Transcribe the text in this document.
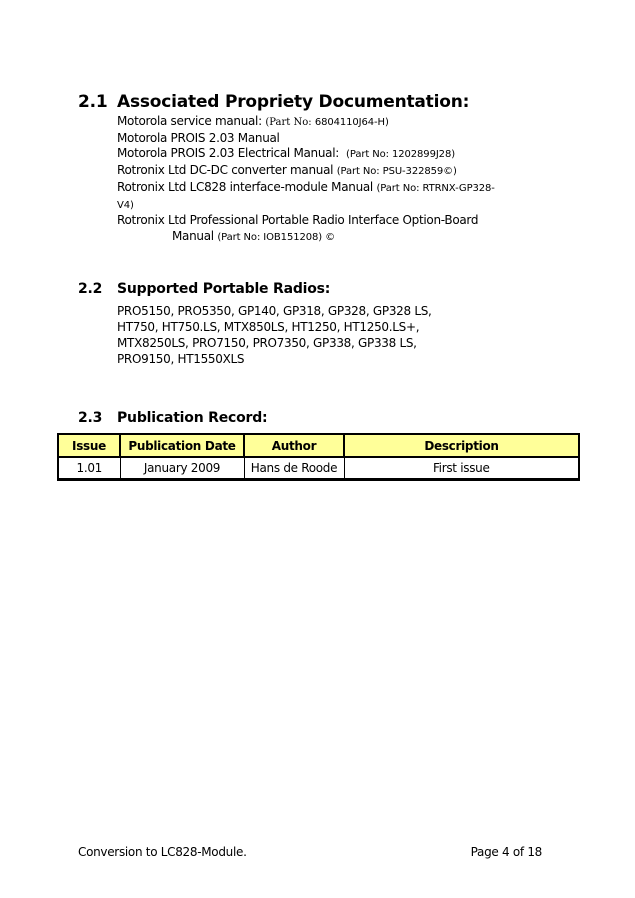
2.1 Associated Propriety Documentation:
Motorola service manual: (Part No: 6804110J64-H)
Motorola PROIS 2.03 Manual
Motorola PROIS 2.03 Electrical Manual:  (Part No: 1202899J28)
Rotronix Ltd DC-DC converter manual (Part No: PSU-322859©)
Rotronix Ltd LC828 interface-module Manual (Part No: RTRNX-GP328-
V4)
Rotronix Ltd Professional Portable Radio Interface Option-Board
Manual (Part No: IOB151208) ©
2.2	Supported Portable Radios:
PRO5150, PRO5350, GP140, GP318, GP328, GP328 LS,
HT750, HT750.LS, MTX850LS, HT1250, HT1250.LS+,
MTX8250LS, PRO7150, PRO7350, GP338, GP338 LS,
PRO9150, HT1550XLS
2.3	Publication Record:
Issue	Publication Date	Author	Description
1.01	January 2009	Hans de Roode	First issue
Conversion to LC828-Module.	Page 4 of 18
